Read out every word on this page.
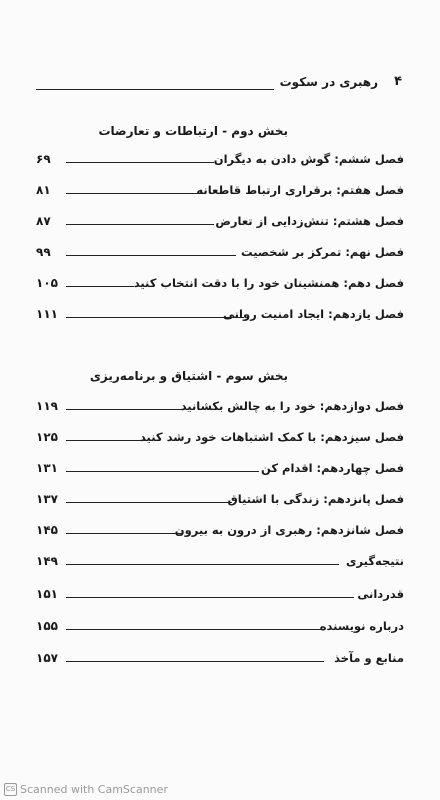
۴
رهبری در سکوت
بخش دوم - ارتباطات و تعارضات
فصل ششم: گوش دادن به دیگران
۶۹
فصل هفتم: برقراری ارتباط قاطعانه
۸۱
فصل هشتم: تنش‌زدایی از تعارض
۸۷
فصل نهم: تمرکز بر شخصیت
۹۹
فصل دهم: همنشینان خود را با دقت انتخاب کنید
۱۰۵
فصل یازدهم: ایجاد امنیت روانی
۱۱۱
بخش سوم - اشتیاق و برنامه‌ریزی
فصل دوازدهم: خود را به چالش بکشانید
۱۱۹
فصل سیزدهم: با کمک اشتباهات خود رشد کنید
۱۲۵
فصل چهاردهم: اقدام کن
۱۳۱
فصل پانزدهم: زندگی با اشتیاق
۱۳۷
فصل شانزدهم: رهبری از درون به بیرون
۱۴۵
نتیجه‌گیری
۱۴۹
قدردانی
۱۵۱
درباره نویسنده
۱۵۵
منابع و مآخذ
۱۵۷
CS Scanned with CamScanner
